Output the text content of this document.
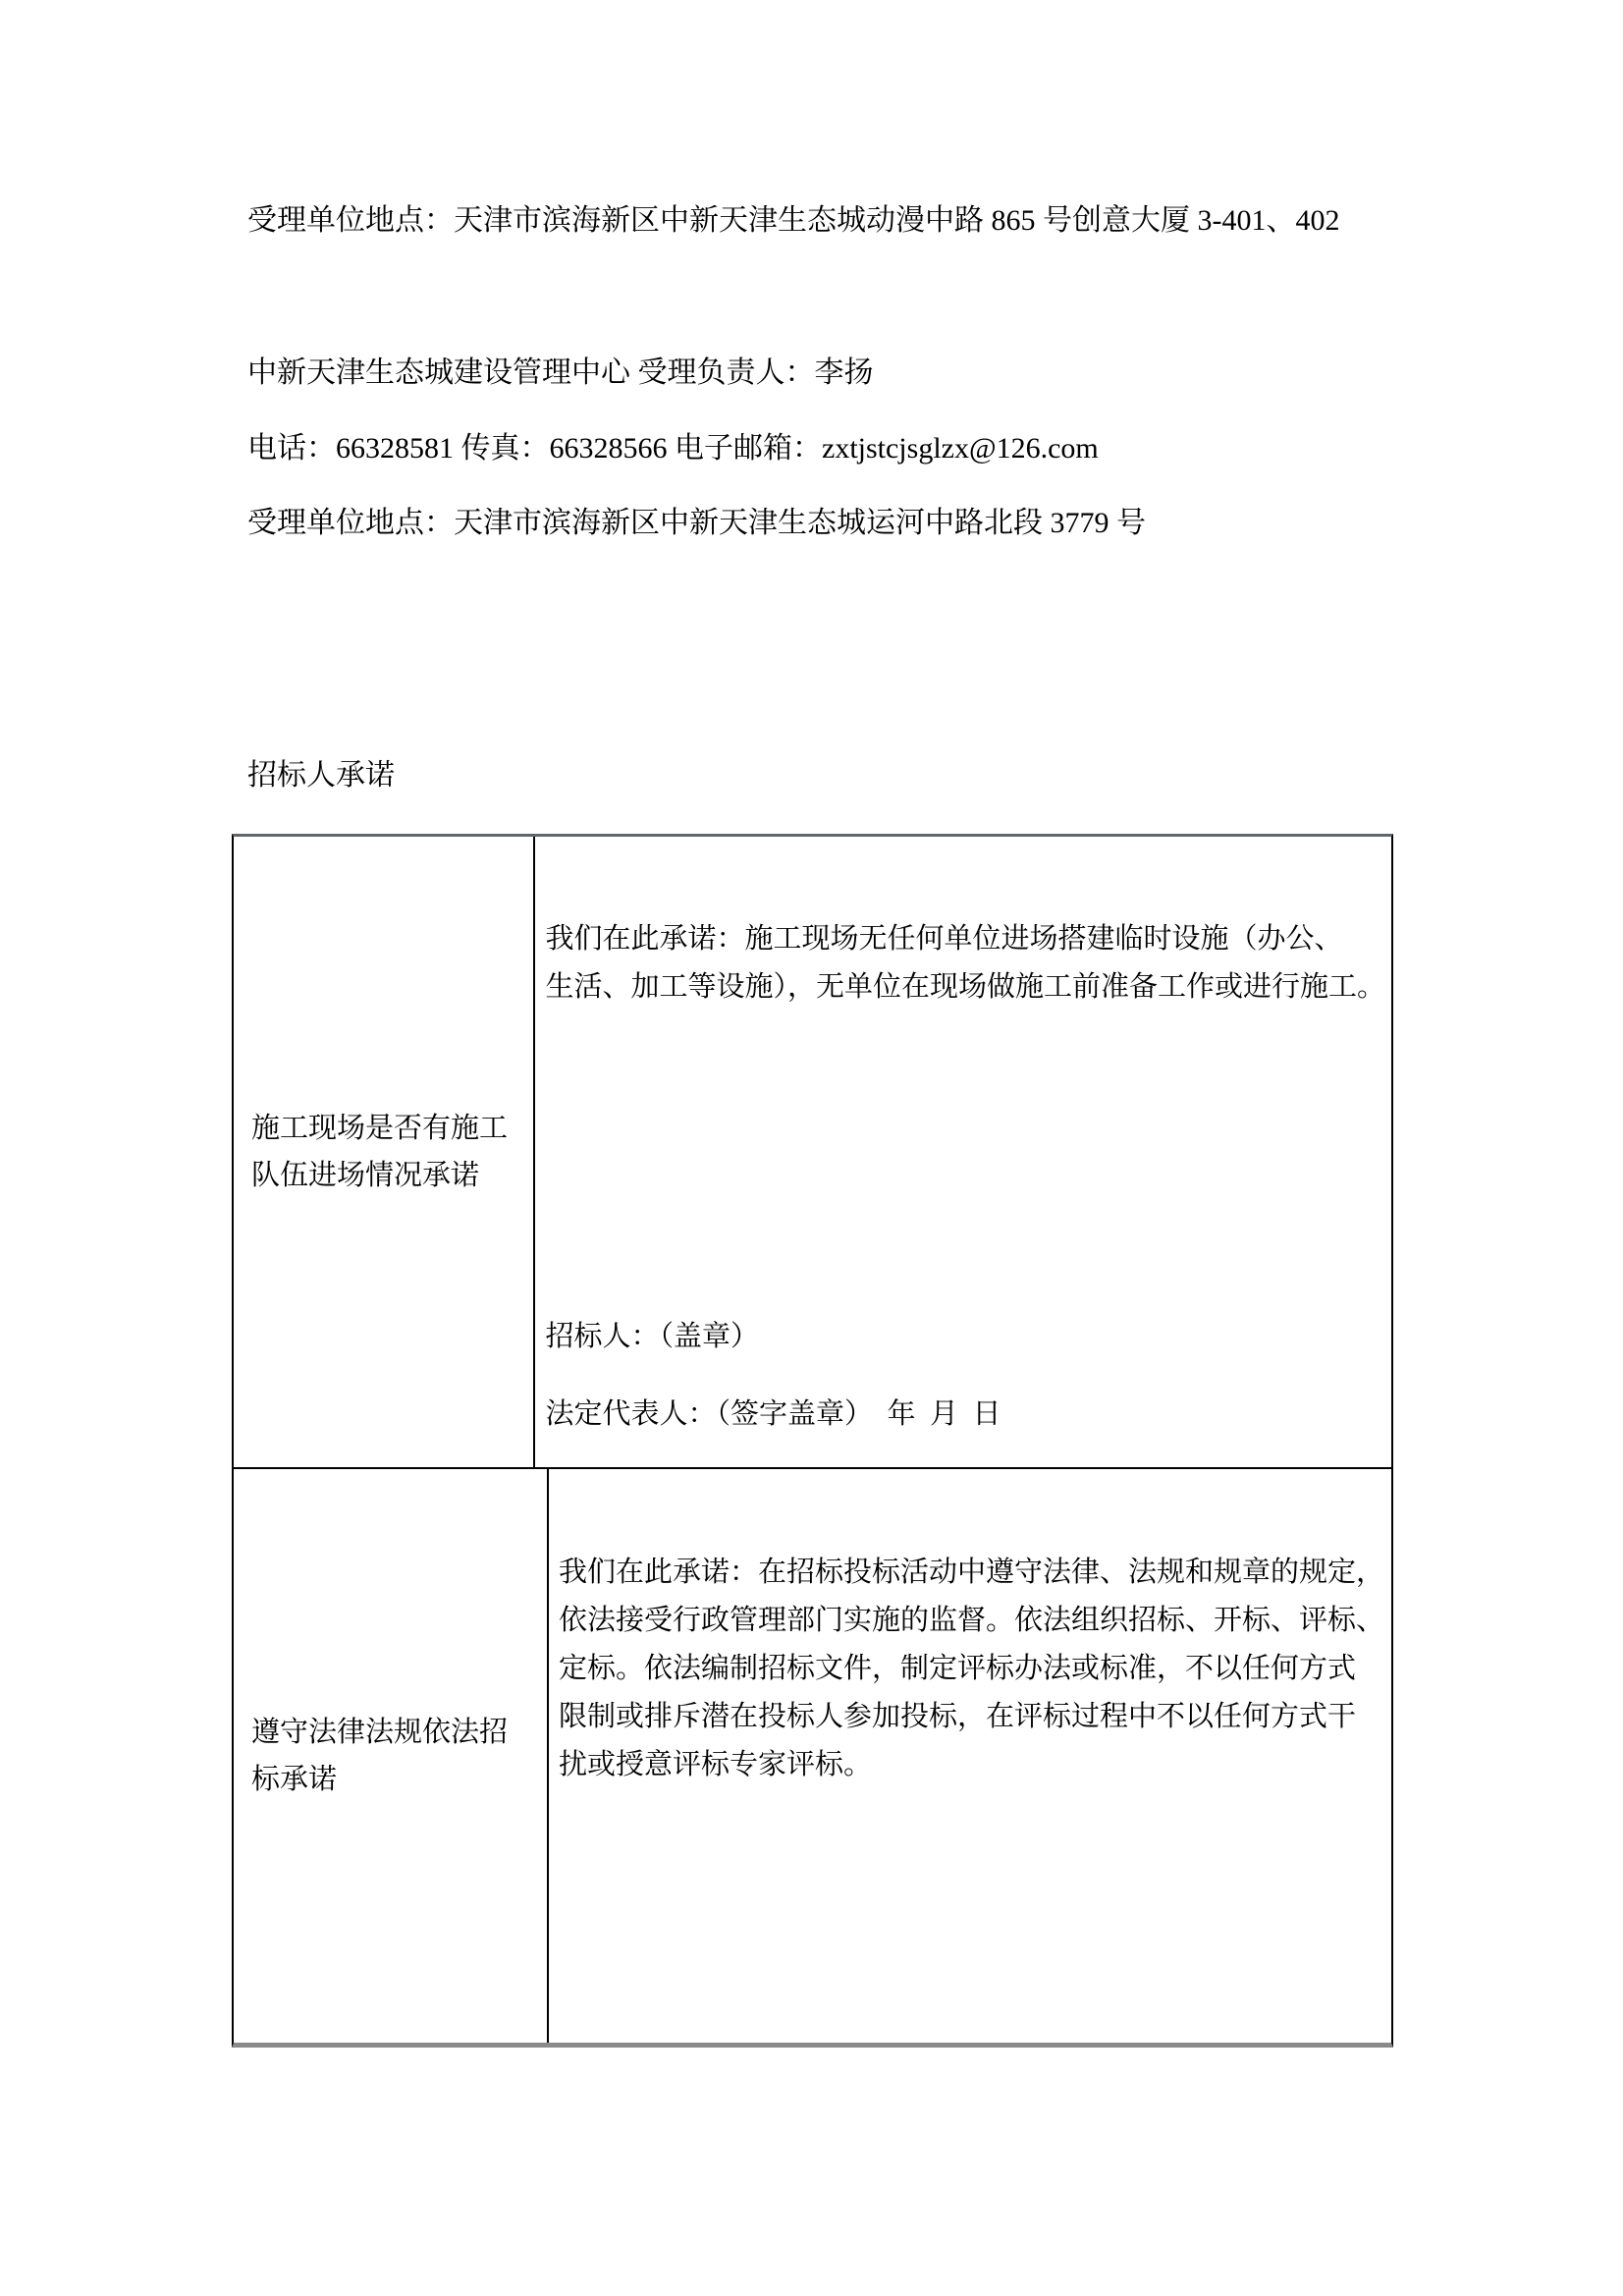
受理单位地点：天津市滨海新区中新天津生态城动漫中路 865 号创意大厦 3-401、402
中新天津生态城建设管理中心 受理负责人：李扬
电话：66328581 传真：66328566 电子邮箱：zxtjstcjsglzx@126.com
受理单位地点：天津市滨海新区中新天津生态城运河中路北段 3779 号
招标人承诺
施工现场是否有施工队伍进场情况承诺
我们在此承诺：施工现场无任何单位进场搭建临时设施（办公、
生活、加工等设施），无单位在现场做施工前准备工作或进行施工。
招标人：（盖章）
法定代表人：（签字盖章）  年  月  日
遵守法律法规依法招标承诺
我们在此承诺：在招标投标活动中遵守法律、法规和规章的规定，
依法接受行政管理部门实施的监督。依法组织招标、开标、评标、
定标。依法编制招标文件，制定评标办法或标准，不以任何方式
限制或排斥潜在投标人参加投标，在评标过程中不以任何方式干
扰或授意评标专家评标。
